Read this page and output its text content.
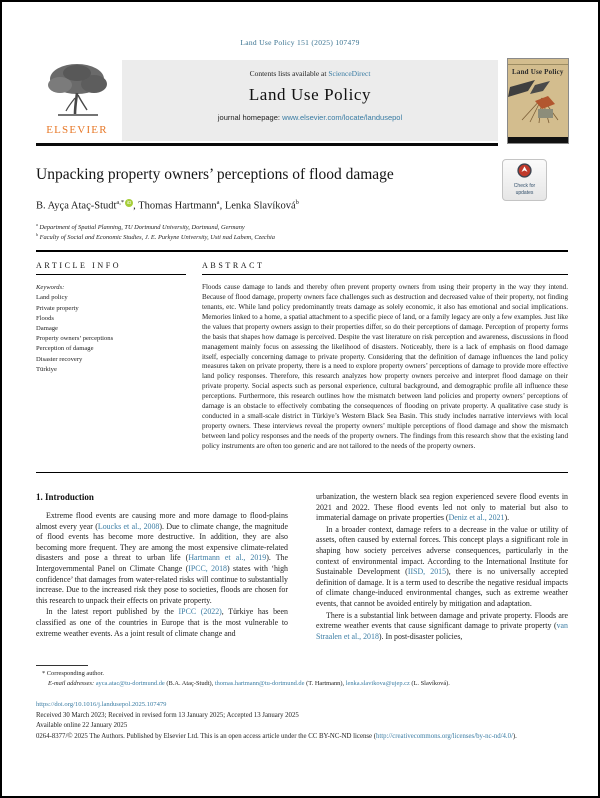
Land Use Policy 151 (2025) 107479
ELSEVIER
Contents lists available at ScienceDirect
Land Use Policy
journal homepage: www.elsevier.com/locate/landusepol
Land Use Policy
Unpacking property owners’ perceptions of flood damage
Check for
updates
B. Ayça Ataç-Studt$^{a,*}$ iD , Thomas Hartmann$^a$, Lenka Slavíková$^b$
$^a$ Department of Spatial Planning, TU Dortmund University, Dortmund, Germany
$^b$ Faculty of Social and Economic Studies, J. E. Purkyne University, Usti nad Labem, Czechia
ARTICLE INFO
Keywords:
Land policy
Private property
Floods
Damage
Property owners’ perceptions
Perception of damage
Disaster recovery
Türkiye
ABSTRACT
Floods cause damage to lands and thereby often prevent property owners from using their property in the way they intend. Because of flood damage, property owners face challenges such as destruction and decreased value of their property, not finding tenants, etc. While land policy predominantly treats damage as solely economic, it also has emotional and social implications. Memories linked to a home, a spatial attachment to a specific piece of land, or a family legacy are only a few examples. Just like the values that property owners assign to their properties differ, so do their perceptions of damage. Perception of property forms the basis that shapes how damage is perceived. Despite the vast literature on risk perception and awareness, discussions in flood management mainly focus on assessing the likelihood of disasters. Noticeably, there is a lack of emphasis on flood damage itself, especially concerning damage to private property. Considering that the definition of damage influences the land policy measures taken on private property, there is a need to explore property owners’ perceptions of damage to provide more effective land policy responses. Therefore, this research analyzes how property owners perceive and interpret flood damage on their private property. Social aspects such as personal experience, cultural background, and demographic profile all influence these perceptions. Furthermore, this research outlines how the mismatch between land policies and property owners’ perceptions of damage is an obstacle to effectively combating the consequences of flooding on private property. A qualitative case study is conducted in a small-scale district in Türkiye’s Western Black Sea Basin. This study includes narrative interviews with local property owners. These interviews reveal the property owners’ multiple perceptions of flood damage and show the mismatch between land policy responses and the needs of the property owners. The findings from this research show that the existing land policy instruments are often too generic and are not tailored to the needs of the property owners.
1. Introduction
Extreme flood events are causing more and more damage to flood-plains almost every year (Loucks et al., 2008). Due to climate change, the magnitude of flood events has become more destructive. In addition, they are also becoming more frequent. They are among the most expensive climate-related disasters and pose a threat to urban life (Hartmann et al., 2019). The Intergovernmental Panel on Climate Change (IPCC, 2018) states with ‘high confidence’ that damages from water-related risks will continue to substantially increase. Due to the increased risk they pose to societies, floods are chosen for this research to unpack their effects on private property.
In the latest report published by the IPCC (2022), Türkiye has been classified as one of the countries in Europe that is the most vulnerable to extreme weather events. As a joint result of climate change and
urbanization, the western black sea region experienced severe flood events in 2021 and 2022. These flood events led not only to material but also to immaterial damage on private properties (Deniz et al., 2021).
In a broader context, damage refers to a decrease in the value or utility of assets, often caused by external forces. This concept plays a significant role in shaping how society perceives adverse consequences, particularly in the context of environmental impact. According to the International Institute for Sustainable Development (IISD, 2015), there is no universally accepted definition of damage. It is a term used to describe the negative residual impacts of climate change-induced environmental changes, such as extreme weather events, that cannot be avoided entirely by mitigation and adaptation.
There is a substantial link between damage and private property. Floods are extreme weather events that cause significant damage to private property (van Straalen et al., 2018). In post-disaster policies,
* Corresponding author.
E-mail addresses: ayca.atac@tu-dortmund.de (B.A. Ataç-Studt), thomas.hartmann@tu-dortmund.de (T. Hartmann), lenka.slavikova@ujep.cz (L. Slavíková).
https://doi.org/10.1016/j.landusepol.2025.107479
Received 30 March 2023; Received in revised form 13 January 2025; Accepted 13 January 2025
Available online 22 January 2025
0264-8377/© 2025 The Authors. Published by Elsevier Ltd. This is an open access article under the CC BY-NC-ND license (http://creativecommons.org/licenses/by-nc-nd/4.0/).
